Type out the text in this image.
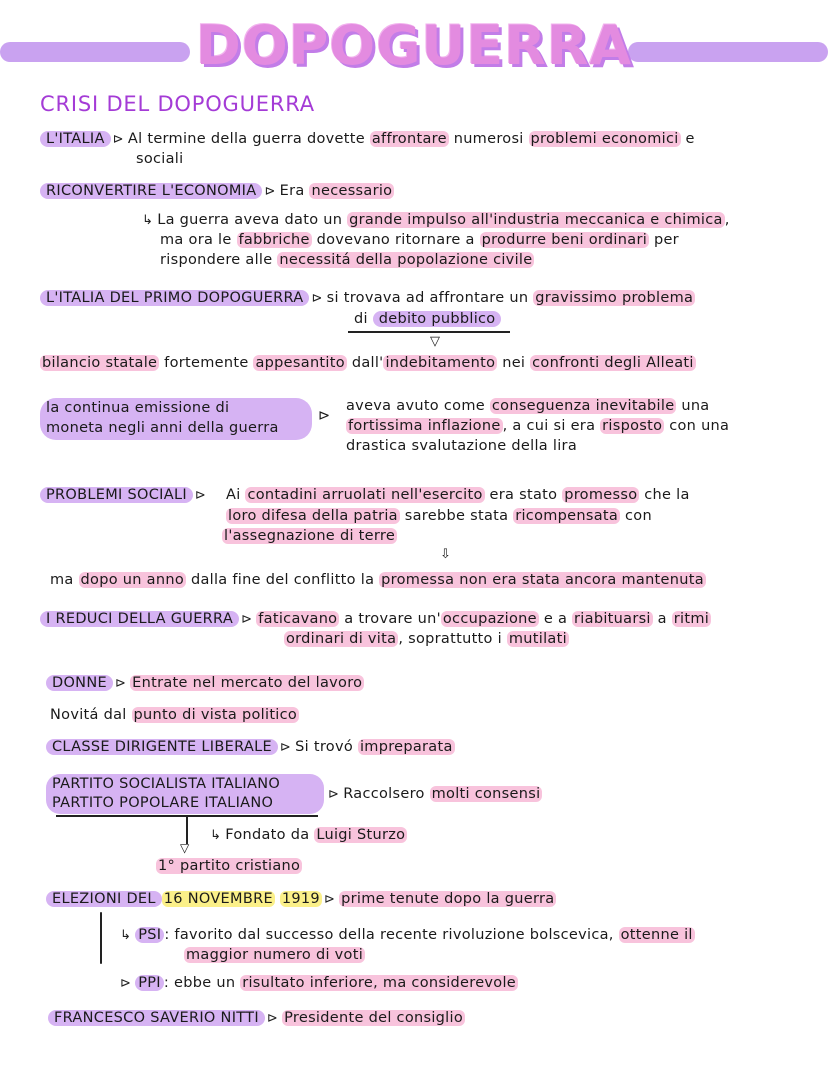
DOPOGUERRA
CRISI DEL DOPOGUERRA
L'ITALIA ⊳ Al termine della guerra dovette affrontare numerosi problemi economici e
sociali
RICONVERTIRE L'ECONOMIA ⊳ Era necessario
↳ La guerra aveva dato un grande impulso all'industria meccanica e chimica ,
ma ora le fabbriche dovevano ritornare a produrre beni ordinari per
rispondere alle necessitá della popolazione civile
L'ITALIA DEL PRIMO DOPOGUERRA ⊳ si trovava ad affrontare un gravissimo problema
di debito pubblico
▽
bilancio statale fortemente appesantito dall' indebitamento nei confronti degli Alleati
la continua emissione di
moneta negli anni della guerra
⊳
aveva avuto come conseguenza inevitabile una
fortissima inflazione , a cui si era risposto con una
drastica svalutazione della lira
PROBLEMI SOCIALI ⊳ Ai contadini arruolati nell'esercito era stato promesso che la
loro difesa della patria sarebbe stata ricompensata con
l'assegnazione di terre
⇩
ma dopo un anno dalla fine del conflitto la promessa non era stata ancora mantenuta
I REDUCI DELLA GUERRA ⊳ faticavano a trovare un' occupazione e a riabituarsi a ritmi
ordinari di vita , soprattutto i mutilati
DONNE ⊳ Entrate nel mercato del lavoro
Novitá dal punto di vista politico
CLASSE DIRIGENTE LIBERALE ⊳ Si trovó impreparata
PARTITO SOCIALISTA ITALIANO
PARTITO POPOLARE ITALIANO
⊳ Raccolsero molti consensi
▽
↳ Fondato da Luigi Sturzo
1° partito cristiano
ELEZIONI DEL 16 NOVEMBRE 1919 ⊳ prime tenute dopo la guerra
↳ PSI : favorito dal successo della recente rivoluzione bolscevica, ottenne il
maggior numero di voti
⊳ PPI : ebbe un risultato inferiore, ma considerevole
FRANCESCO SAVERIO NITTI ⊳ Presidente del consiglio
